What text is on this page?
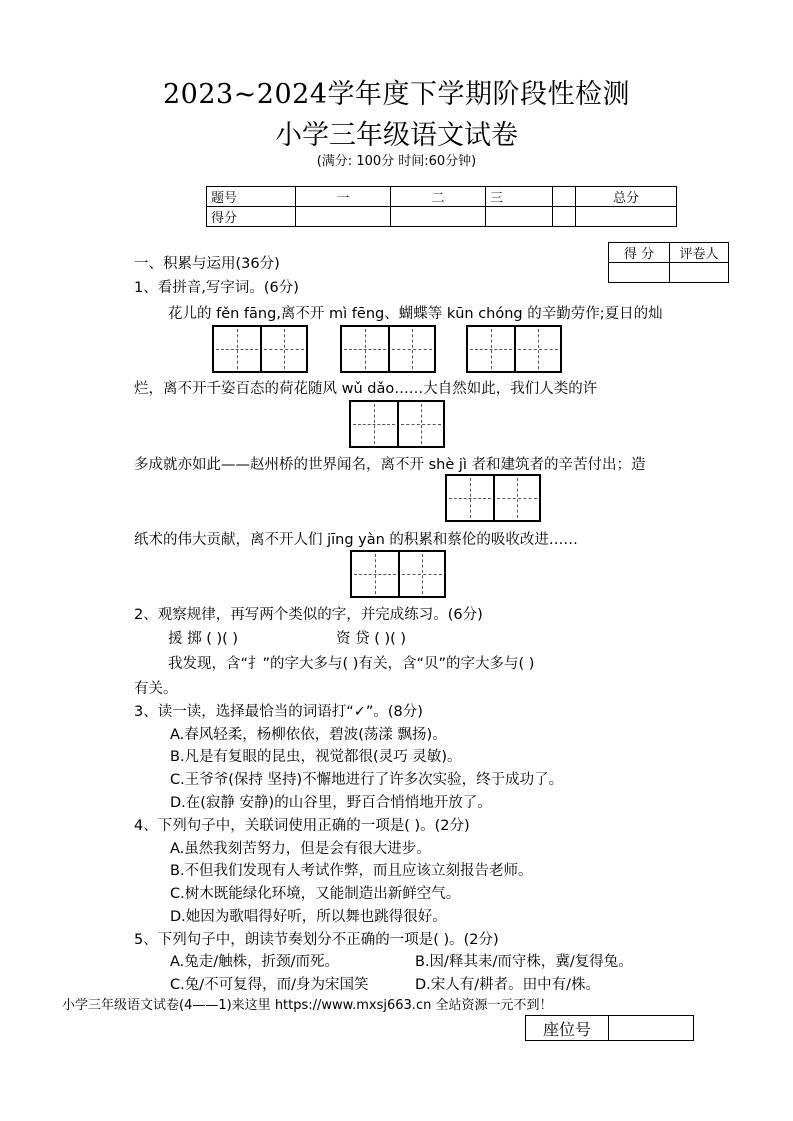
2023~2024学年度下学期阶段性检测
小学三年级语文试卷
(满分: 100分 时间:60分钟)
题号	一	二	三		总分
得分					
得 分	评卷人

一、积累与运用(36分)
1、看拼音,写字词。(6分)
花儿的 fěn fāng,离不开 mì fēng、蝴蝶等 kūn chóng 的辛勤劳作;夏日的灿
烂，离不开千姿百态的荷花随风 wǔ dǎo……大自然如此，我们人类的许
多成就亦如此——赵州桥的世界闻名，离不开 shè jì 者和建筑者的辛苦付出；造
纸术的伟大贡献，离不开人们 jīng yàn 的积累和蔡伦的吸收改进……
2、观察规律，再写两个类似的字，并完成练习。(6分)
援 掷 ( )( )	资 贷 ( )( )
我发现，含“扌”的字大多与( )有关，含“贝”的字大多与( )
有关。
3、读一读，选择最恰当的词语打“✓”。(8分)
A.春风轻柔，杨柳依依，碧波(荡漾 飘扬)。
B.凡是有复眼的昆虫，视觉都很(灵巧 灵敏)。
C.王爷爷(保持 坚持)不懈地进行了许多次实验，终于成功了。
D.在(寂静 安静)的山谷里，野百合悄悄地开放了。
4、下列句子中，关联词使用正确的一项是( )。(2分)
A.虽然我刻苦努力，但是会有很大进步。
B.不但我们发现有人考试作弊，而且应该立刻报告老师。
C.树木既能绿化环境，又能制造出新鲜空气。
D.她因为歌唱得好听，所以舞也跳得很好。
5、下列句子中，朗读节奏划分不正确的一项是( )。(2分)
A.兔走/触株，折颈/而死。	B.因/释其耒/而守株，冀/复得兔。
C.兔/不可复得，而/身为宋国笑	D.宋人有/耕者。田中有/株。
小学三年级语文试卷(4——1)来这里 https://www.mxsj663.cn 全站资源一元不到！
座位号	
